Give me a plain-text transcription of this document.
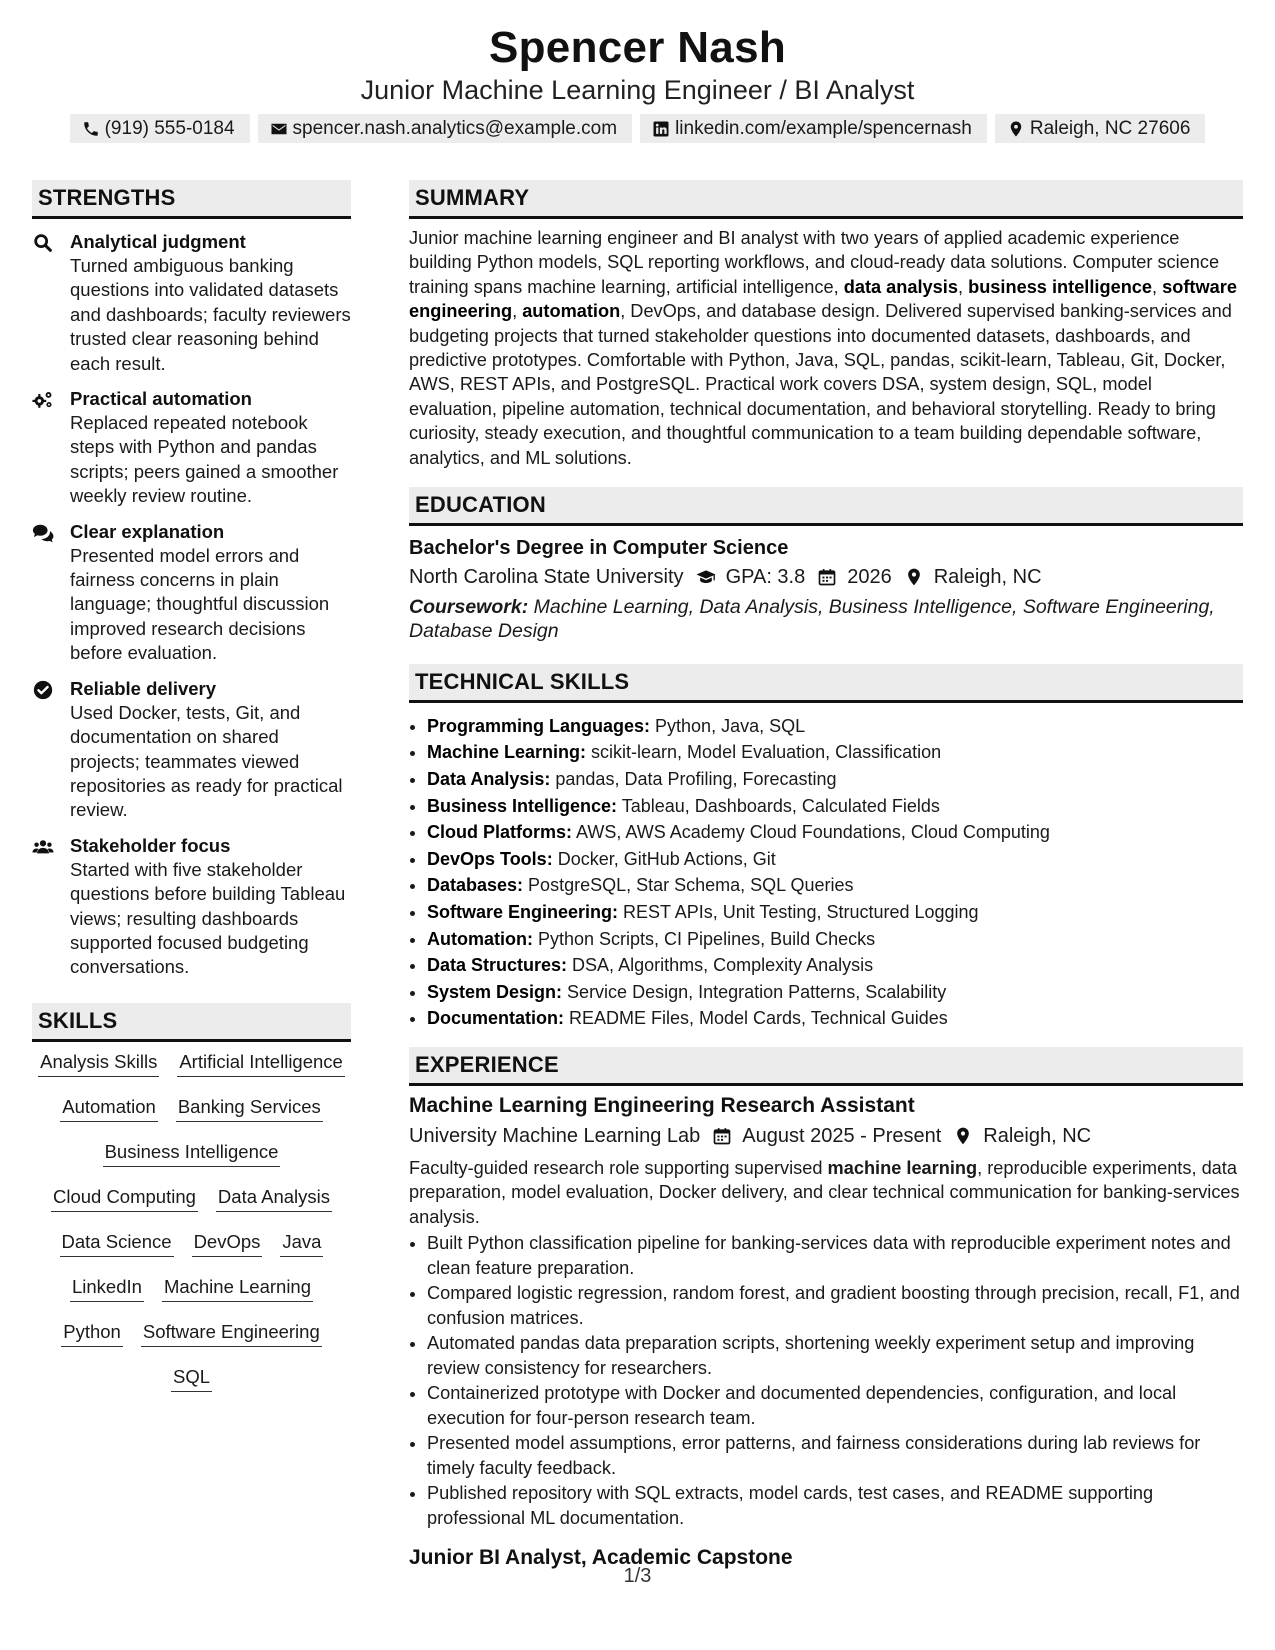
Spencer Nash
Junior Machine Learning Engineer / BI Analyst
(919) 555-0184	spencer.nash.analytics@example.com	linkedin.com/example/spencernash	Raleigh, NC 27606
STRENGTHS
Analytical judgment
Turned ambiguous banking questions into validated datasets and dashboards; faculty reviewers trusted clear reasoning behind each result.
Practical automation
Replaced repeated notebook steps with Python and pandas scripts; peers gained a smoother weekly review routine.
Clear explanation
Presented model errors and fairness concerns in plain language; thoughtful discussion improved research decisions before evaluation.
Reliable delivery
Used Docker, tests, Git, and documentation on shared projects; teammates viewed repositories as ready for practical review.
Stakeholder focus
Started with five stakeholder questions before building Tableau views; resulting dashboards supported focused budgeting conversations.
SKILLS
Analysis Skills Artificial Intelligence
Automation Banking Services
Business Intelligence
Cloud Computing Data Analysis
Data Science DevOps Java
LinkedIn Machine Learning
Python Software Engineering
SQL
SUMMARY
Junior machine learning engineer and BI analyst with two years of applied academic experience building Python models, SQL reporting workflows, and cloud-ready data solutions. Computer science training spans machine learning, artificial intelligence, data analysis, business intelligence, software engineering, automation, DevOps, and database design. Delivered supervised banking-services and budgeting projects that turned stakeholder questions into documented datasets, dashboards, and predictive prototypes. Comfortable with Python, Java, SQL, pandas, scikit-learn, Tableau, Git, Docker, AWS, REST APIs, and PostgreSQL. Practical work covers DSA, system design, SQL, model evaluation, pipeline automation, technical documentation, and behavioral storytelling. Ready to bring curiosity, steady execution, and thoughtful communication to a team building dependable software, analytics, and ML solutions.
EDUCATION
Bachelor's Degree in Computer Science
North Carolina State University GPA: 3.8 2026 Raleigh, NC
Coursework: Machine Learning, Data Analysis, Business Intelligence, Software Engineering, Database Design
TECHNICAL SKILLS
• Programming Languages: Python, Java, SQL
• Machine Learning: scikit-learn, Model Evaluation, Classification
• Data Analysis: pandas, Data Profiling, Forecasting
• Business Intelligence: Tableau, Dashboards, Calculated Fields
• Cloud Platforms: AWS, AWS Academy Cloud Foundations, Cloud Computing
• DevOps Tools: Docker, GitHub Actions, Git
• Databases: PostgreSQL, Star Schema, SQL Queries
• Software Engineering: REST APIs, Unit Testing, Structured Logging
• Automation: Python Scripts, CI Pipelines, Build Checks
• Data Structures: DSA, Algorithms, Complexity Analysis
• System Design: Service Design, Integration Patterns, Scalability
• Documentation: README Files, Model Cards, Technical Guides
EXPERIENCE
Machine Learning Engineering Research Assistant
University Machine Learning Lab August 2025 - Present Raleigh, NC
Faculty-guided research role supporting supervised machine learning, reproducible experiments, data preparation, model evaluation, Docker delivery, and clear technical communication for banking-services analysis.
• Built Python classification pipeline for banking-services data with reproducible experiment notes and clean feature preparation.
• Compared logistic regression, random forest, and gradient boosting through precision, recall, F1, and confusion matrices.
• Automated pandas data preparation scripts, shortening weekly experiment setup and improving review consistency for researchers.
• Containerized prototype with Docker and documented dependencies, configuration, and local execution for four-person research team.
• Presented model assumptions, error patterns, and fairness considerations during lab reviews for timely faculty feedback.
• Published repository with SQL extracts, model cards, test cases, and README supporting professional ML documentation.
Junior BI Analyst, Academic Capstone
1/3
